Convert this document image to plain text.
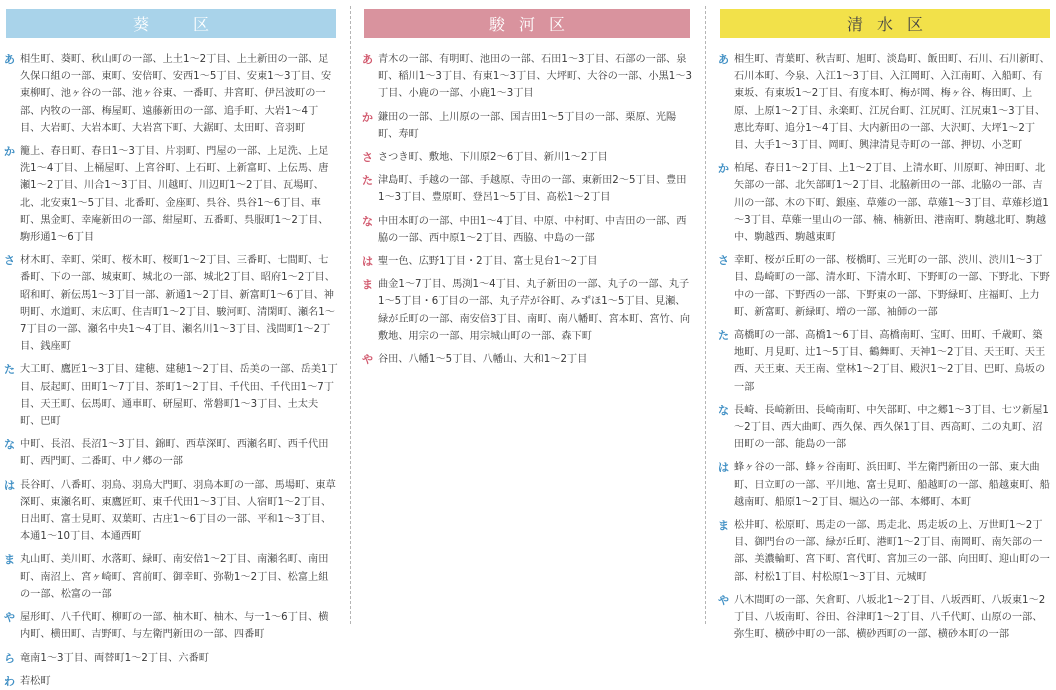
葵　区
あ 相生町、葵町、秋山町の一部、上土1～2丁目、上土新田の一部、足久保口組の一部、東町、安倍町、安西1～5丁目、安東1～3丁目、安東柳町、池ヶ谷の一部、池ヶ谷東、一番町、井宮町、伊呂波町の一部、内牧の一部、梅屋町、遠藤新田の一部、追手町、大岩1～4丁目、大岩町、大岩本町、大岩宮下町、大鋸町、太田町、音羽町
か 籠上、春日町、春日1～3丁目、片羽町、門屋の一部、上足洗、上足洗1～4丁目、上桶屋町、上宮谷町、上石町、上新富町、上伝馬、唐瀬1～2丁目、川合1～3丁目、川越町、川辺町1～2丁目、瓦場町、北、北安東1～5丁目、北番町、金座町、呉谷、呉谷1～6丁目、車町、黒金町、幸庵新田の一部、紺屋町、五番町、呉服町1～2丁目、駒形通1～6丁目
さ 材木町、幸町、栄町、桜木町、桜町1～2丁目、三番町、七間町、七番町、下の一部、城東町、城北の一部、城北2丁目、昭府1～2丁目、昭和町、新伝馬1～3丁目一部、新通1～2丁目、新富町1～6丁目、神明町、水道町、末広町、住吉町1～2丁目、駿河町、清閑町、瀬名1～7丁目の一部、瀬名中央1～4丁目、瀬名川1～3丁目、浅間町1～2丁目、銭座町
た 大工町、鷹匠1～3丁目、建穂、建穂1～2丁目、岳美の一部、岳美1丁目、辰起町、田町1～7丁目、茶町1～2丁目、千代田、千代田1～7丁目、天王町、伝馬町、通車町、研屋町、常磐町1～3丁目、土太夫町、巴町
な 中町、長沼、長沼1～3丁目、錦町、西草深町、西瀬名町、西千代田町、西門町、二番町、中ノ郷の一部
は 長谷町、八番町、羽鳥、羽鳥大門町、羽鳥本町の一部、馬場町、東草深町、東瀬名町、東鷹匠町、東千代田1～3丁目、人宿町1～2丁目、日出町、富士見町、双葉町、古庄1～6丁目の一部、平和1～3丁目、本通1～10丁目、本通西町
ま 丸山町、美川町、水落町、緑町、南安倍1～2丁目、南瀬名町、南田町、南沼上、宮ヶ崎町、宮前町、御幸町、弥勒1～2丁目、松富上組の一部、松富の一部
や 屋形町、八千代町、柳町の一部、柚木町、柚木、与一1～6丁目、横内町、横田町、吉野町、与左衛門新田の一部、四番町
ら 竜南1～3丁目、両替町1～2丁目、六番町
わ 若松町
駿河区
あ 青木の一部、有明町、池田の一部、石田1～3丁目、石部の一部、泉町、稲川1～3丁目、有東1～3丁目、大坪町、大谷の一部、小黒1～3丁目、小鹿の一部、小鹿1～3丁目
か 鎌田の一部、上川原の一部、国吉田1～5丁目の一部、栗原、光陽町、寿町
さ さつき町、敷地、下川原2～6丁目、新川1～2丁目
た 津島町、手越の一部、手越原、寺田の一部、東新田2～5丁目、豊田1～3丁目、豊原町、登呂1～5丁目、高松1～2丁目
な 中田本町の一部、中田1～4丁目、中原、中村町、中吉田の一部、西脇の一部、西中原1～2丁目、西脇、中島の一部
は 聖一色、広野1丁目・2丁目、富士見台1～2丁目
ま 曲金1～7丁目、馬渕1～4丁目、丸子新田の一部、丸子の一部、丸子1～5丁目・6丁目の一部、丸子芹が谷町、みずほ1～5丁目、見瀬、緑が丘町の一部、南安倍3丁目、南町、南八幡町、宮本町、宮竹、向敷地、用宗の一部、用宗城山町の一部、森下町
や 谷田、八幡1～5丁目、八幡山、大和1～2丁目
清水区
あ 相生町、青葉町、秋吉町、旭町、淡島町、飯田町、石川、石川新町、石川本町、今泉、入江1～3丁目、入江岡町、入江南町、入船町、有東坂、有東坂1～2丁目、有度本町、梅が岡、梅ヶ谷、梅田町、上原、上原1～2丁目、永楽町、江尻台町、江尻町、江尻東1～3丁目、恵比寿町、追分1～4丁目、大内新田の一部、大沢町、大坪1～2丁目、大手1～3丁目、岡町、興津清見寺町の一部、押切、小芝町
か 柏尾、春日1～2丁目、上1～2丁目、上清水町、川原町、神田町、北矢部の一部、北矢部町1～2丁目、北脇新田の一部、北脇の一部、吉川の一部、木の下町、銀座、草薙の一部、草薙1～3丁目、草薙杉道1～3丁目、草薙一里山の一部、楠、楠新田、港南町、駒越北町、駒越中、駒越西、駒越東町
さ 幸町、桜が丘町の一部、桜橋町、三光町の一部、渋川、渋川1～3丁目、島崎町の一部、清水町、下清水町、下野町の一部、下野北、下野中の一部、下野西の一部、下野東の一部、下野緑町、庄福町、上力町、新富町、新緑町、増の一部、袖師の一部
た 高橋町の一部、高橋1～6丁目、高橋南町、宝町、田町、千歳町、築地町、月見町、辻1～5丁目、鶴舞町、天神1～2丁目、天王町、天王西、天王東、天王南、堂林1～2丁目、殿沢1～2丁目、巴町、鳥坂の一部
な 長崎、長崎新田、長崎南町、中矢部町、中之郷1～3丁目、七ツ新屋1～2丁目、西大曲町、西久保、西久保1丁目、西高町、二の丸町、沼田町の一部、能島の一部
は 蜂ヶ谷の一部、蜂ヶ谷南町、浜田町、半左衛門新田の一部、東大曲町、日立町の一部、平川地、富士見町、船越町の一部、船越東町、船越南町、船原1～2丁目、堀込の一部、本郷町、本町
ま 松井町、松原町、馬走の一部、馬走北、馬走坂の上、万世町1～2丁目、御門台の一部、緑が丘町、港町1～2丁目、南岡町、南矢部の一部、美濃輪町、宮下町、宮代町、宮加三の一部、向田町、迎山町の一部、村松1丁目、村松原1～3丁目、元城町
や 八木間町の一部、矢倉町、八坂北1～2丁目、八坂西町、八坂東1～2丁目、八坂南町、谷田、谷津町1～2丁目、八千代町、山原の一部、弥生町、横砂中町の一部、横砂西町の一部、横砂本町の一部
